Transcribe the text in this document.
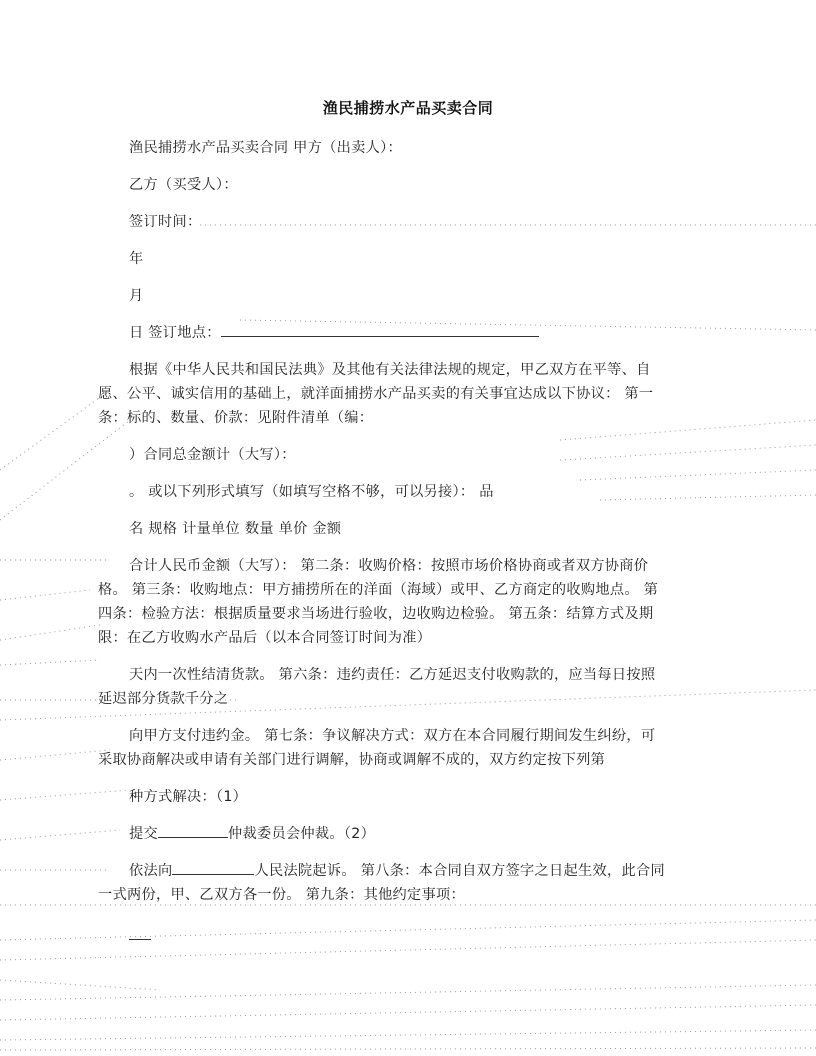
渔民捕捞水产品买卖合同
渔民捕捞水产品买卖合同 甲方（出卖人）：
乙方（买受人）：
签订时间：
年
月
日 签订地点：
根据《中华人民共和国民法典》及其他有关法律法规的规定，甲乙双方在平等、自
愿、公平、诚实信用的基础上，就洋面捕捞水产品买卖的有关事宜达成以下协议： 第一
条：标的、数量、价款：见附件清单（编：
）合同总金额计（大写）：
。 或以下列形式填写（如填写空格不够，可以另接）： 品
名 规格 计量单位 数量 单价 金额
合计人民币金额（大写）： 第二条：收购价格：按照市场价格协商或者双方协商价
格。 第三条：收购地点：甲方捕捞所在的洋面（海域）或甲、乙方商定的收购地点。 第
四条：检验方法：根据质量要求当场进行验收，边收购边检验。 第五条：结算方式及期
限：在乙方收购水产品后（以本合同签订时间为准）
天内一次性结清货款。 第六条：违约责任：乙方延迟支付收购款的，应当每日按照
延迟部分货款千分之
向甲方支付违约金。 第七条：争议解决方式：双方在本合同履行期间发生纠纷，可
采取协商解决或申请有关部门进行调解，协商或调解不成的，双方约定按下列第
种方式解决：（1）
提交	仲裁委员会仲裁。（2）
依法向	人民法院起诉。 第八条：本合同自双方签字之日起生效，此合同
一式两份，甲、乙双方各一份。 第九条：其他约定事项：
